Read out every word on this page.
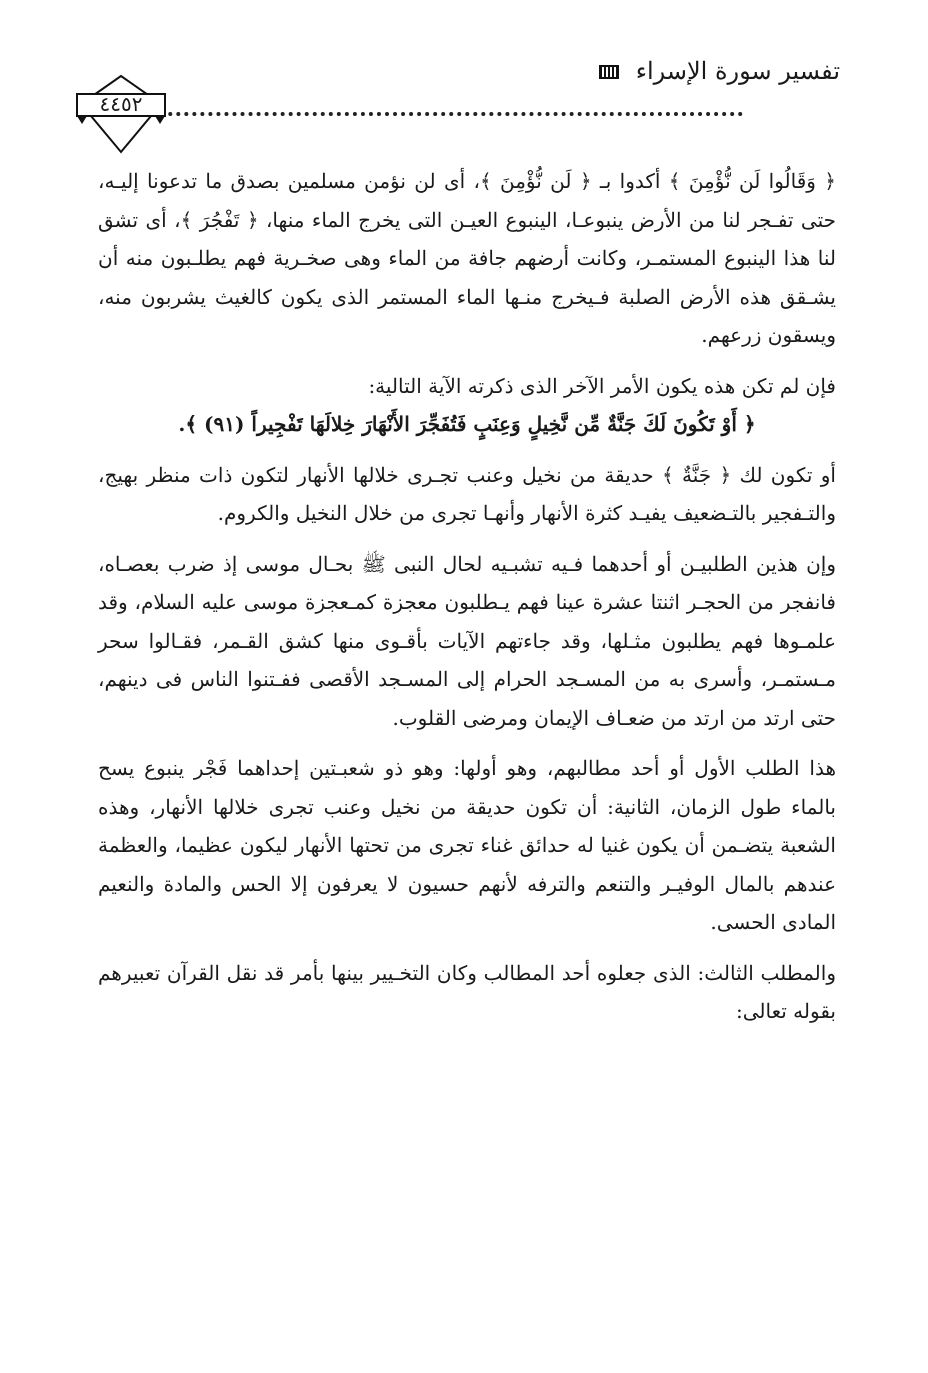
تفسير سورة الإسراء
٤٤٥٢

﴿ وَقَالُوا لَن نُّؤْمِنَ ﴾ أكدوا بـ ﴿ لَن نُّؤْمِنَ ﴾، أى لن نؤمن مسلمين بصدق ما تدعونا إليـه، حتى تفـجر لنا من الأرض ينبوعـا، الينبوع العيـن التى يخرج الماء منها، ﴿ تَفْجُرَ ﴾، أى تشق لنا هذا الينبوع المستمـر، وكانت أرضهم جافة من الماء وهى صخـرية فهم يطلـبون منه أن يشـقق هذه الأرض الصلبة فـيخرج منـها الماء المستمر الذى يكون كالغيث يشربون منه، ويسقون زرعهم.

فإن لم تكن هذه يكون الأمر الآخر الذى ذكرته الآية التالية:

﴿ أَوْ تَكُونَ لَكَ جَنَّةٌ مِّن نَّخِيلٍ وَعِنَبٍ فَتُفَجِّرَ الأَنْهَارَ خِلالَهَا تَفْجِيراً (٩١) ﴾.

أو تكون لك ﴿ جَنَّةٌ ﴾ حديقة من نخيل وعنب تجـرى خلالها الأنهار لتكون ذات منظر بهيج، والتـفجير بالتـضعيف يفيـد كثرة الأنهار وأنهـا تجرى من خلال النخيل والكروم.

وإن هذين الطلبيـن أو أحدهما فـيه تشبـيه لحال النبى ﷺ بحـال موسى إذ ضرب بعصـاه، فانفجر من الحجـر اثنتا عشرة عينا فهم يـطلبون معجزة كمـعجزة موسى عليه السلام، وقد علمـوها فهم يطلبون مثـلها، وقد جاءتهم الآيات بأقـوى منها كشق القـمر، فقـالوا سحر مـستمـر، وأسرى به من المسـجد الحرام إلى المسـجد الأقصى ففـتنوا الناس فى دينهم، حتى ارتد من ارتد من ضعـاف الإيمان ومرضى القلوب.

هذا الطلب الأول أو أحد مطالبهم، وهو أولها: وهو ذو شعبـتين إحداهما فَجْر ينبوع يسح بالماء طول الزمان، الثانية: أن تكون حديقة من نخيل وعنب تجرى خلالها الأنهار، وهذه الشعبة يتضـمن أن يكون غنيا له حدائق غناء تجرى من تحتها الأنهار ليكون عظيما، والعظمة عندهم بالمال الوفيـر والتنعم والترفه لأنهم حسيون لا يعرفون إلا الحس والمادة والنعيم المادى الحسى.

والمطلب الثالث: الذى جعلوه أحد المطالب وكان التخـيير بينها بأمر قد نقل القرآن تعبيرهم بقوله تعالى:
